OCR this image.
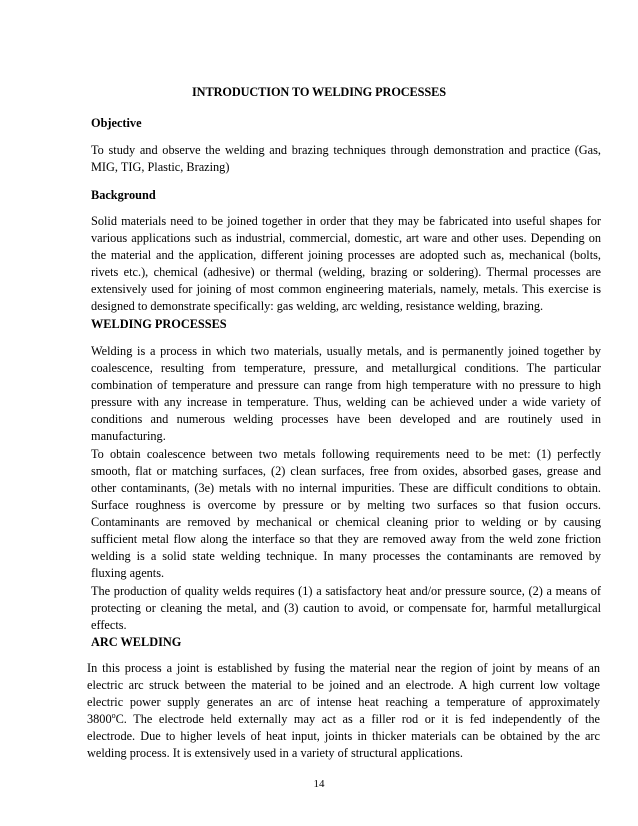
INTRODUCTION TO WELDING PROCESSES
Objective
To study and observe the welding and brazing techniques through demonstration and practice (Gas,
MIG, TIG, Plastic, Brazing)
Background
Solid materials need to be joined together in order that they may be fabricated into useful shapes for
various applications such as industrial, commercial, domestic, art ware and other uses. Depending on
the material and the application, different joining processes are adopted such as, mechanical (bolts,
rivets etc.), chemical (adhesive) or thermal (welding, brazing or soldering). Thermal processes are
extensively used for joining of most common engineering materials, namely, metals. This exercise is
designed to demonstrate specifically: gas welding, arc welding, resistance welding, brazing.
WELDING PROCESSES
Welding is a process in which two materials, usually metals, and is permanently joined together by
coalescence, resulting from temperature, pressure, and metallurgical conditions. The particular
combination of temperature and pressure can range from high temperature with no pressure to high
pressure with any increase in temperature. Thus, welding can be achieved under a wide variety of
conditions and numerous welding processes have been developed and are routinely used in
manufacturing.
To obtain coalescence between two metals following requirements need to be met: (1) perfectly
smooth, flat or matching surfaces, (2) clean surfaces, free from oxides, absorbed gases, grease and
other contaminants, (3e) metals with no internal impurities. These are difficult conditions to obtain.
Surface roughness is overcome by pressure or by melting two surfaces so that fusion occurs.
Contaminants are removed by mechanical or chemical cleaning prior to welding or by causing
sufficient metal flow along the interface so that they are removed away from the weld zone friction
welding is a solid state welding technique. In many processes the contaminants are removed by
fluxing agents.
The production of quality welds requires (1) a satisfactory heat and/or pressure source, (2) a means of
protecting or cleaning the metal, and (3) caution to avoid, or compensate for, harmful metallurgical
effects.
ARC WELDING
In this process a joint is established by fusing the material near the region of joint by means of an
electric arc struck between the material to be joined and an electrode. A high current low voltage
electric power supply generates an arc of intense heat reaching a temperature of approximately
3800$^o$C. The electrode held externally may act as a filler rod or it is fed independently of the
electrode. Due to higher levels of heat input, joints in thicker materials can be obtained by the arc
welding process. It is extensively used in a variety of structural applications.
14
